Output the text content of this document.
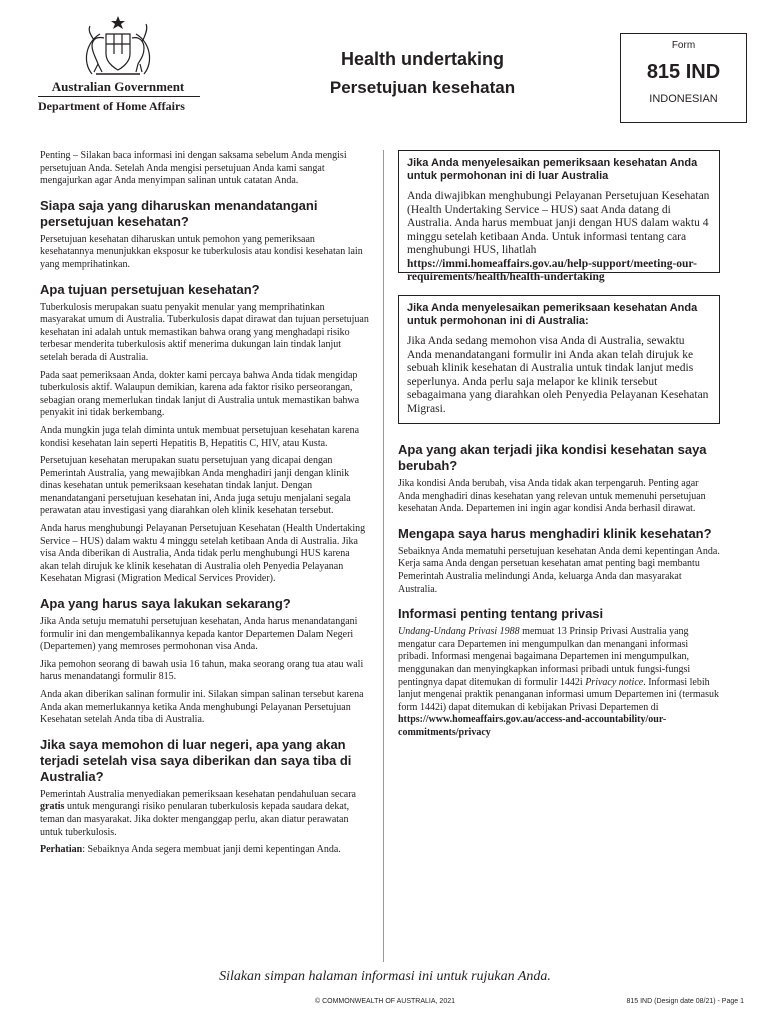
Australian Government
Department of Home Affairs
Health undertaking
Persetujuan kesehatan
Form
815 IND
INDONESIAN

Penting – Silakan baca informasi ini dengan saksama sebelum Anda mengisi persetujuan Anda. Setelah Anda mengisi persetujuan Anda kami sangat mengajurkan agar Anda menyimpan salinan untuk catatan Anda.

Siapa saja yang diharuskan menandatangani persetujuan kesehatan?

Persetujuan kesehatan diharuskan untuk pemohon yang pemeriksaan kesehatannya menunjukkan eksposur ke tuberkulosis atau kondisi kesehatan lain yang memprihatinkan.

Apa tujuan persetujuan kesehatan?

Tuberkulosis merupakan suatu penyakit menular yang memprihatinkan masyarakat umum di Australia. Tuberkulosis dapat dirawat dan tujuan persetujuan kesehatan ini adalah untuk memastikan bahwa orang yang menghadapi risiko terbesar menderita tuberkulosis aktif menerima dukungan lain tindak lanjut setelah berada di Australia.

Pada saat pemeriksaan Anda, dokter kami percaya bahwa Anda tidak mengidap tuberkulosis aktif. Walaupun demikian, karena ada faktor risiko perseorangan, sebagian orang memerlukan tindak lanjut di Australia untuk memastikan bahwa penyakit ini tidak berkembang.

Anda mungkin juga telah diminta untuk membuat persetujuan kesehatan karena kondisi kesehatan lain seperti Hepatitis B, Hepatitis C, HIV, atau Kusta.

Persetujuan kesehatan merupakan suatu persetujuan yang dicapai dengan Pemerintah Australia, yang mewajibkan Anda menghadiri janji dengan klinik dinas kesehatan untuk pemeriksaan kesehatan tindak lanjut. Dengan menandatangani persetujuan kesehatan ini, Anda juga setuju menjalani segala perawatan atau investigasi yang diarahkan oleh klinik kesehatan tersebut.

Anda harus menghubungi Pelayanan Persetujuan Kesehatan (Health Undertaking Service – HUS) dalam waktu 4 minggu setelah ketibaan Anda di Australia. Jika visa Anda diberikan di Australia, Anda tidak perlu menghubungi HUS karena akan telah dirujuk ke klinik kesehatan di Australia oleh Penyedia Pelayanan Kesehatan Migrasi (Migration Medical Services Provider).

Apa yang harus saya lakukan sekarang?

Jika Anda setuju mematuhi persetujuan kesehatan, Anda harus menandatangani formulir ini dan mengembalikannya kepada kantor Departemen Dalam Negeri (Departemen) yang memroses permohonan visa Anda.

Jika pemohon seorang di bawah usia 16 tahun, maka seorang orang tua atau wali harus menandatangi formulir 815.

Anda akan diberikan salinan formulir ini. Silakan simpan salinan tersebut karena Anda akan memerlukannya ketika Anda menghubungi Pelayanan Persetujuan Kesehatan setelah Anda tiba di Australia.

Jika saya memohon di luar negeri, apa yang akan terjadi setelah visa saya diberikan dan saya tiba di Australia?

Pemerintah Australia menyediakan pemeriksaan kesehatan pendahuluan secara gratis untuk mengurangi risiko penularan tuberkulosis kepada saudara dekat, teman dan masyarakat. Jika dokter menganggap perlu, akan diatur perawatan untuk tuberkulosis.

Perhatian: Sebaiknya Anda segera membuat janji demi kepentingan Anda.

Jika Anda menyelesaikan pemeriksaan kesehatan Anda untuk permohonan ini di luar Australia

Anda diwajibkan menghubungi Pelayanan Persetujuan Kesehatan (Health Undertaking Service – HUS) saat Anda datang di Australia. Anda harus membuat janji dengan HUS dalam waktu 4 minggu setelah ketibaan Anda. Untuk informasi tentang cara menghubungi HUS, lihatlah https://immi.homeaffairs.gov.au/help-support/meeting-our-requirements/health/health-undertaking

Jika Anda menyelesaikan pemeriksaan kesehatan Anda untuk permohonan ini di Australia:

Jika Anda sedang memohon visa Anda di Australia, sewaktu Anda menandatangani formulir ini Anda akan telah dirujuk ke sebuah klinik kesehatan di Australia untuk tindak lanjut medis seperlunya. Anda perlu saja melapor ke klinik tersebut sebagaimana yang diarahkan oleh Penyedia Pelayanan Kesehatan Migrasi.

Apa yang akan terjadi jika kondisi kesehatan saya berubah?

Jika kondisi Anda berubah, visa Anda tidak akan terpengaruh. Penting agar Anda menghadiri dinas kesehatan yang relevan untuk memenuhi persetujuan kesehatan Anda. Departemen ini ingin agar kondisi Anda berhasil dirawat.

Mengapa saya harus menghadiri klinik kesehatan?

Sebaiknya Anda mematuhi persetujuan kesehatan Anda demi kepentingan Anda. Kerja sama Anda dengan persetuan kesehatan amat penting bagi membantu Pemerintah Australia melindungi Anda, keluarga Anda dan masyarakat Australia.

Informasi penting tentang privasi

Undang-Undang Privasi 1988 memuat 13 Prinsip Privasi Australia yang mengatur cara Departemen ini mengumpulkan dan menangani informasi pribadi. Informasi mengenai bagaimana Departemen ini mengumpulkan, menggunakan dan menyingkapkan informasi pribadi untuk fungsi-fungsi pentingnya dapat ditemukan di formulir 1442i Privacy notice. Informasi lebih lanjut mengenai praktik penanganan informasi umum Departemen ini (termasuk form 1442i) dapat ditemukan di kebijakan Privasi Departemen di https://www.homeaffairs.gov.au/access-and-accountability/our-commitments/privacy

Silakan simpan halaman informasi ini untuk rujukan Anda.
© COMMONWEALTH OF AUSTRALIA, 2021	815 IND (Design date 08/21) - Page 1
